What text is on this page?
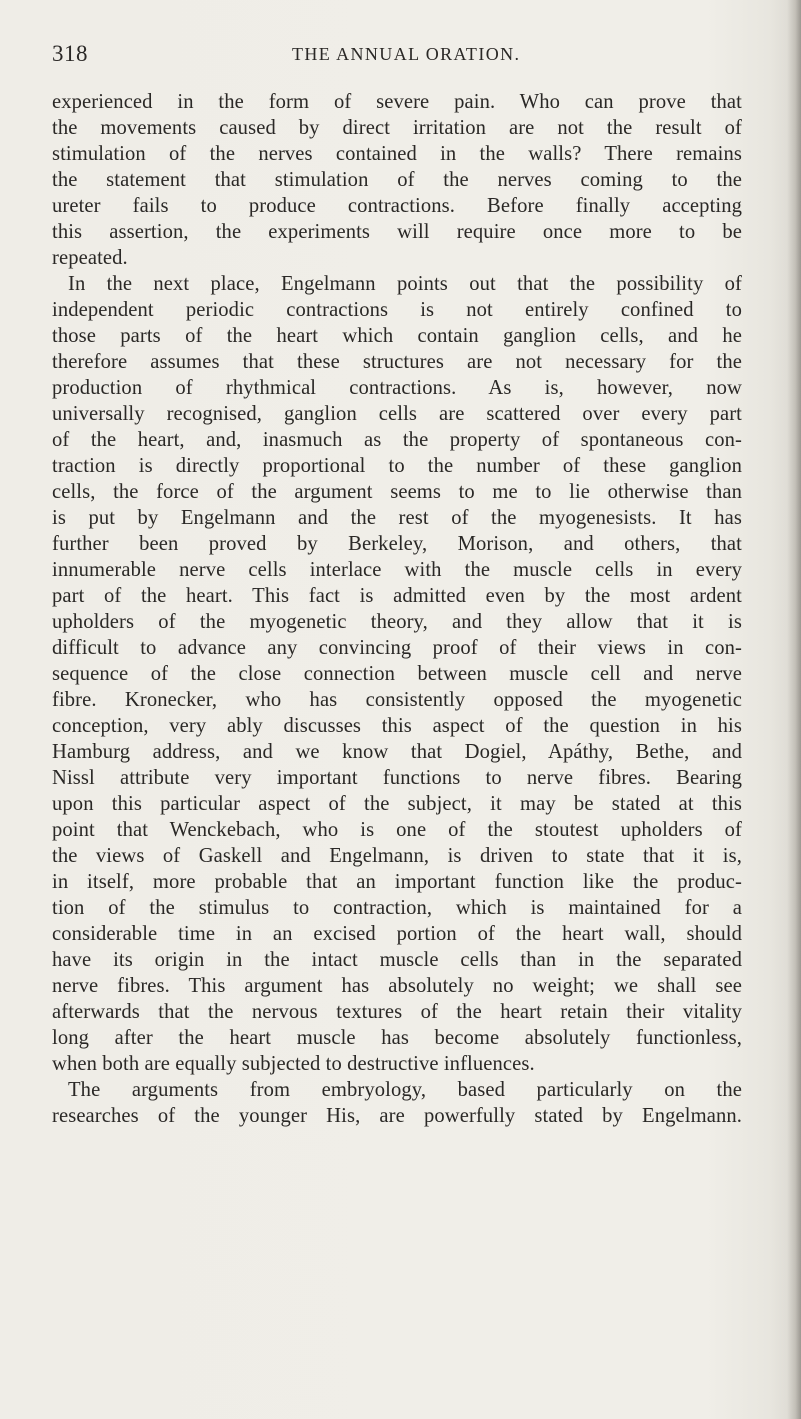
318	THE ANNUAL ORATION.
experienced in the form of severe pain. Who can prove that
the movements caused by direct irritation are not the result of
stimulation of the nerves contained in the walls? There remains
the statement that stimulation of the nerves coming to the
ureter fails to produce contractions. Before finally accepting
this assertion, the experiments will require once more to be
repeated.
In the next place, Engelmann points out that the possibility of
independent periodic contractions is not entirely confined to
those parts of the heart which contain ganglion cells, and he
therefore assumes that these structures are not necessary for the
production of rhythmical contractions. As is, however, now
universally recognised, ganglion cells are scattered over every part
of the heart, and, inasmuch as the property of spontaneous con-
traction is directly proportional to the number of these ganglion
cells, the force of the argument seems to me to lie otherwise than
is put by Engelmann and the rest of the myogenesists. It has
further been proved by Berkeley, Morison, and others, that
innumerable nerve cells interlace with the muscle cells in every
part of the heart. This fact is admitted even by the most ardent
upholders of the myogenetic theory, and they allow that it is
difficult to advance any convincing proof of their views in con-
sequence of the close connection between muscle cell and nerve
fibre. Kronecker, who has consistently opposed the myogenetic
conception, very ably discusses this aspect of the question in his
Hamburg address, and we know that Dogiel, Apáthy, Bethe, and
Nissl attribute very important functions to nerve fibres. Bearing
upon this particular aspect of the subject, it may be stated at this
point that Wenckebach, who is one of the stoutest upholders of
the views of Gaskell and Engelmann, is driven to state that it is,
in itself, more probable that an important function like the produc-
tion of the stimulus to contraction, which is maintained for a
considerable time in an excised portion of the heart wall, should
have its origin in the intact muscle cells than in the separated
nerve fibres. This argument has absolutely no weight; we shall see
afterwards that the nervous textures of the heart retain their vitality
long after the heart muscle has become absolutely functionless,
when both are equally subjected to destructive influences.
The arguments from embryology, based particularly on the
researches of the younger His, are powerfully stated by Engelmann.
